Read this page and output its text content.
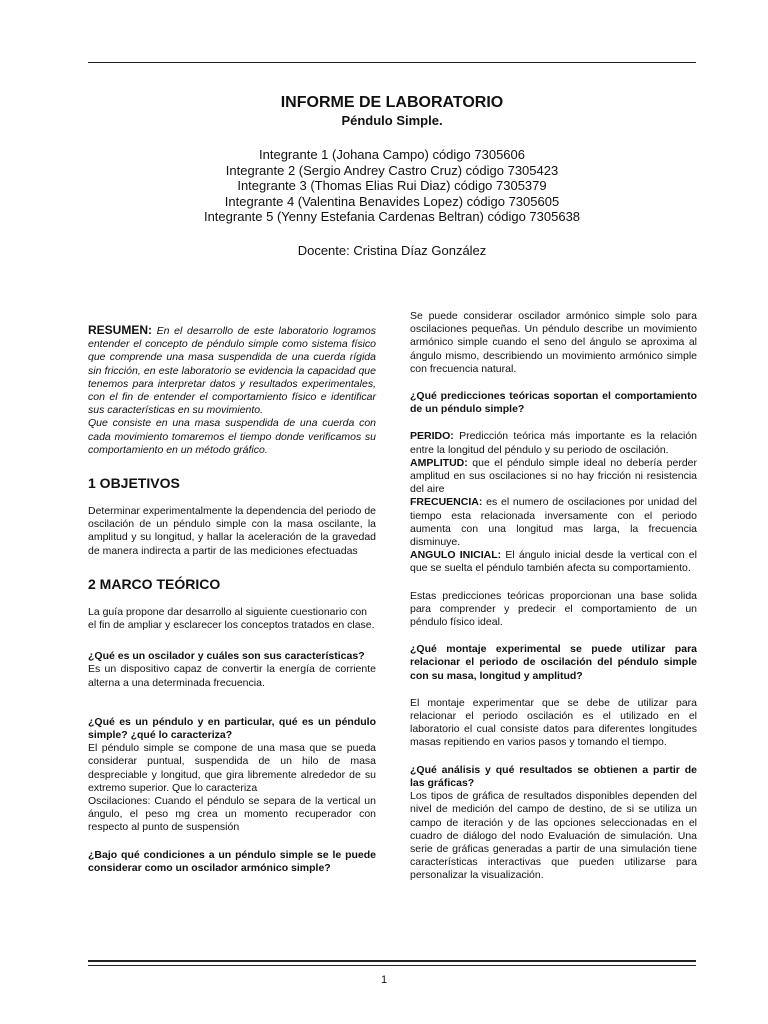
INFORME DE LABORATORIO
Péndulo Simple.
Integrante 1 (Johana Campo) código 7305606
Integrante 2 (Sergio Andrey Castro Cruz) código 7305423
Integrante 3 (Thomas Elias Rui Diaz) código 7305379
Integrante 4 (Valentina Benavides Lopez) código 7305605
Integrante 5 (Yenny Estefania Cardenas Beltran) código 7305638
Docente: Cristina Díaz González

RESUMEN: En el desarrollo de este laboratorio logramos entender el concepto de péndulo simple como sistema físico que comprende una masa suspendida de una cuerda rígida sin fricción, en este laboratorio se evidencia la capacidad que tenemos para interpretar datos y resultados experimentales, con el fin de entender el comportamiento físico e identificar sus características en su movimiento.

Que consiste en una masa suspendida de una cuerda con cada movimiento tomaremos el tiempo donde verificamos su comportamiento en un método gráfico.

1 OBJETIVOS

Determinar experimentalmente la dependencia del periodo de oscilación de un péndulo simple con la masa oscilante, la amplitud y su longitud, y hallar la aceleración de la gravedad de manera indirecta a partir de las mediciones efectuadas

2 MARCO TEÓRICO

La guía propone dar desarrollo al siguiente cuestionario con el fin de ampliar y esclarecer los conceptos tratados en clase.

¿Qué es un oscilador y cuáles son sus características?

Es un dispositivo capaz de convertir la energía de corriente alterna a una determinada frecuencia.

¿Qué es un péndulo y en particular, qué es un péndulo simple? ¿qué lo caracteriza?

El péndulo simple se compone de una masa que se pueda considerar puntual, suspendida de un hilo de masa despreciable y longitud, que gira libremente alrededor de su extremo superior. Que lo caracteriza

Oscilaciones: Cuando el péndulo se separa de la vertical un ángulo, el peso mg crea un momento recuperador con respecto al punto de suspensión

¿Bajo qué condiciones a un péndulo simple se le puede considerar como un oscilador armónico simple?

Se puede considerar oscilador armónico simple solo para oscilaciones pequeñas. Un péndulo describe un movimiento armónico simple cuando el seno del ángulo se aproxima al ángulo mismo, describiendo un movimiento armónico simple con frecuencia natural.

¿Qué predicciones teóricas soportan el comportamiento de un péndulo simple?

PERIDO: Predicción teórica más importante es la relación entre la longitud del péndulo y su periodo de oscilación.

AMPLITUD: que el péndulo simple ideal no debería perder amplitud en sus oscilaciones si no hay fricción ni resistencia del aire

FRECUENCIA: es el numero de oscilaciones por unidad del tiempo esta relacionada inversamente con el periodo aumenta con una longitud mas larga, la frecuencia disminuye.

ANGULO INICIAL: El ángulo inicial desde la vertical con el que se suelta el péndulo también afecta su comportamiento.

Estas predicciones teóricas proporcionan una base solida para comprender y predecir el comportamiento de un péndulo físico ideal.

¿Qué montaje experimental se puede utilizar para relacionar el periodo de oscilación del péndulo simple con su masa, longitud y amplitud?

El montaje experimentar que se debe de utilizar para relacionar el periodo oscilación es el utilizado en el laboratorio el cual consiste datos para diferentes longitudes masas repitiendo en varios pasos y tomando el tiempo.

¿Qué análisis y qué resultados se obtienen a partir de las gráficas?

Los tipos de gráfica de resultados disponibles dependen del nivel de medición del campo de destino, de si se utiliza un campo de iteración y de las opciones seleccionadas en el cuadro de diálogo del nodo Evaluación de simulación. Una serie de gráficas generadas a partir de una simulación tiene características interactivas que pueden utilizarse para personalizar la visualización.

1
